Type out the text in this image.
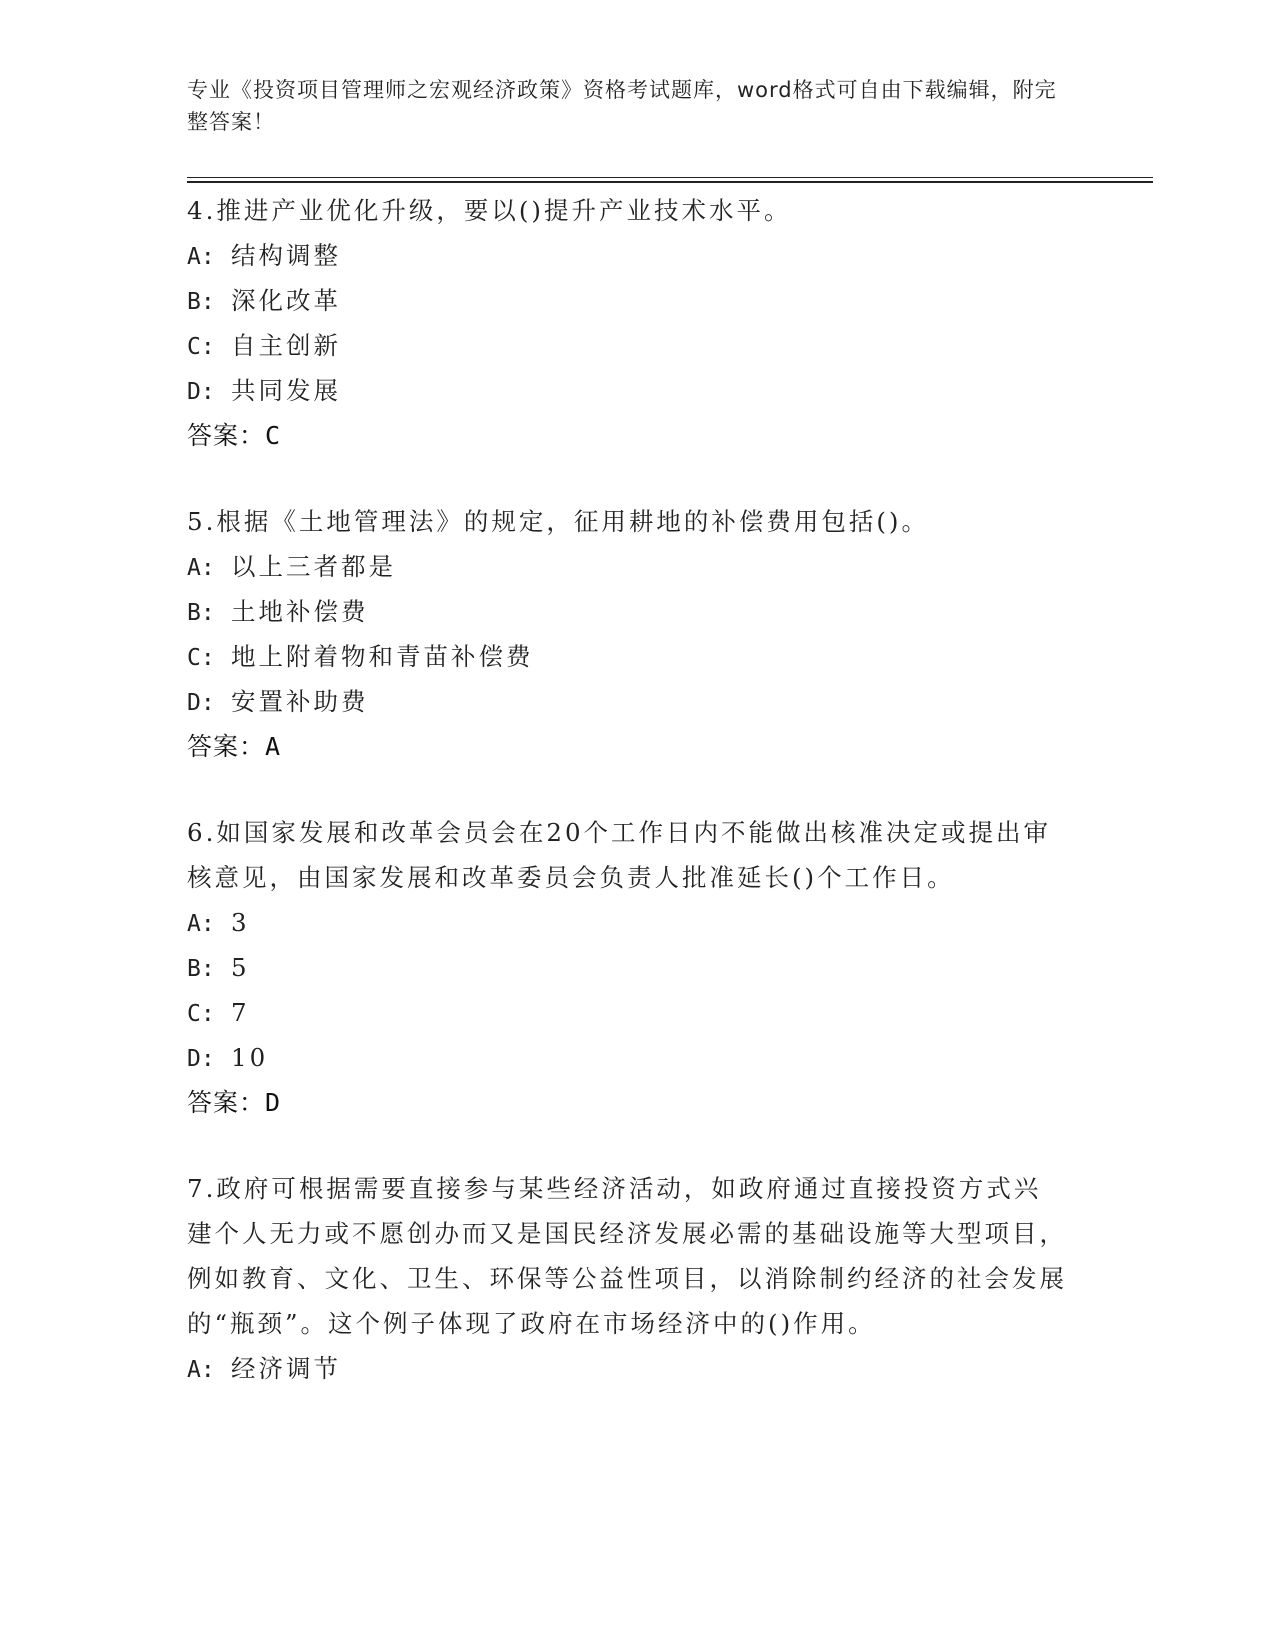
专业《投资项目管理师之宏观经济政策》资格考试题库，word格式可自由下载编辑，附完整答案！
4.推进产业优化升级，要以()提升产业技术水平。
A: 结构调整
B: 深化改革
C: 自主创新
D: 共同发展
答案：C
5.根据《土地管理法》的规定，征用耕地的补偿费用包括()。
A: 以上三者都是
B: 土地补偿费
C: 地上附着物和青苗补偿费
D: 安置补助费
答案：A
6.如国家发展和改革会员会在20个工作日内不能做出核准决定或提出审核意见，由国家发展和改革委员会负责人批准延长()个工作日。
A: 3
B: 5
C: 7
D: 10
答案：D
7.政府可根据需要直接参与某些经济活动，如政府通过直接投资方式兴建个人无力或不愿创办而又是国民经济发展必需的基础设施等大型项目，例如教育、文化、卫生、环保等公益性项目，以消除制约经济的社会发展的“瓶颈”。这个例子体现了政府在市场经济中的()作用。
A: 经济调节
